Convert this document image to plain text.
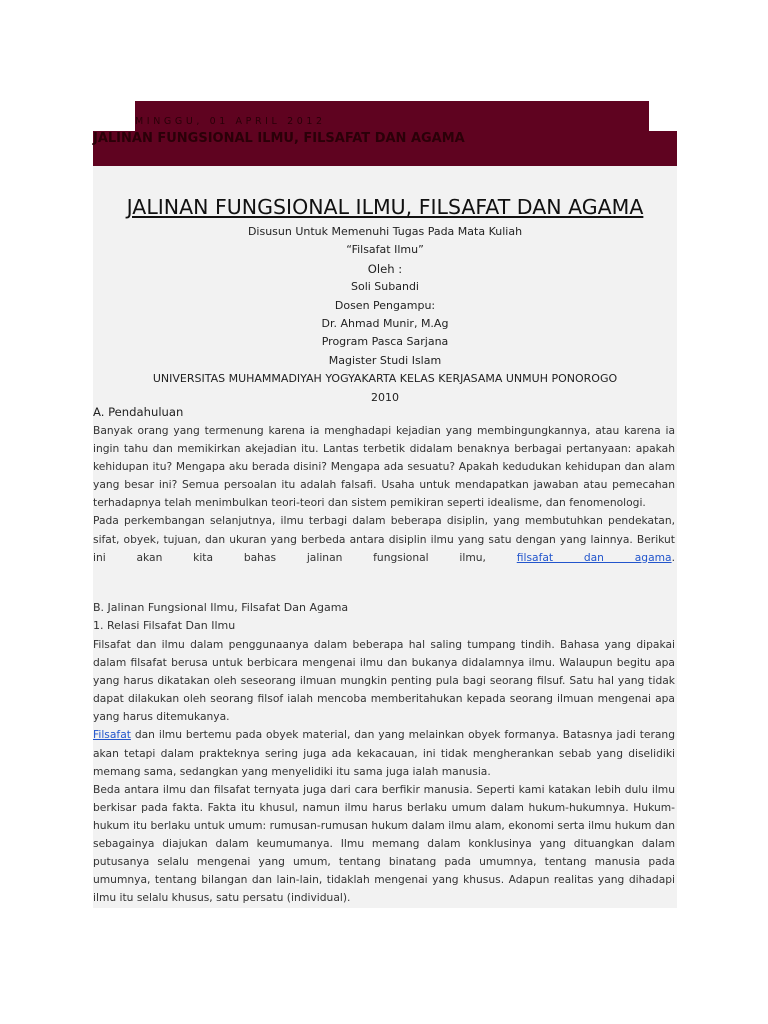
MINGGU, 01 APRIL 2012
JALINAN FUNGSIONAL ILMU, FILSAFAT DAN AGAMA
JALINAN FUNGSIONAL ILMU, FILSAFAT DAN AGAMA
Disusun Untuk Memenuhi Tugas Pada Mata Kuliah
“Filsafat Ilmu”
Oleh :
Soli Subandi
Dosen Pengampu:
Dr. Ahmad Munir, M.Ag
Program Pasca Sarjana
Magister Studi Islam
UNIVERSITAS MUHAMMADIYAH YOGYAKARTA KELAS KERJASAMA UNMUH PONOROGO
2010
A. Pendahuluan

Banyak orang yang termenung karena ia menghadapi kejadian yang membingungkannya, atau karena ia ingin tahu dan memikirkan akejadian itu. Lantas terbetik didalam benaknya berbagai pertanyaan: apakah kehidupan itu? Mengapa aku berada disini? Mengapa ada sesuatu? Apakah kedudukan kehidupan dan alam yang besar ini? Semua persoalan itu adalah falsafi. Usaha untuk mendapatkan jawaban atau pemecahan terhadapnya telah menimbulkan teori-teori dan sistem pemikiran seperti idealisme, dan fenomenologi.

Pada perkembangan selanjutnya, ilmu terbagi dalam beberapa disiplin, yang membutuhkan pendekatan, sifat, obyek, tujuan, dan ukuran yang berbeda antara disiplin ilmu yang satu dengan yang lainnya. Berikut ini akan kita bahas jalinan fungsional ilmu,	filsafat dan agama.

B. Jalinan Fungsional Ilmu, Filsafat Dan Agama
1. Relasi Filsafat Dan Ilmu

Filsafat dan ilmu dalam penggunaanya dalam beberapa hal saling tumpang tindih. Bahasa yang dipakai dalam filsafat berusa untuk berbicara mengenai ilmu dan bukanya didalamnya ilmu. Walaupun begitu apa yang harus dikatakan oleh seseorang ilmuan mungkin penting pula bagi seorang filsuf. Satu hal yang tidak dapat dilakukan oleh seorang filsof ialah mencoba memberitahukan kepada seorang ilmuan mengenai apa yang harus ditemukanya.

Filsafat dan ilmu bertemu pada obyek material, dan yang melainkan obyek formanya. Batasnya jadi terang akan tetapi dalam prakteknya sering juga ada kekacauan, ini tidak mengherankan sebab yang diselidiki memang sama, sedangkan yang menyelidiki itu sama juga ialah manusia.

Beda antara ilmu dan filsafat ternyata juga dari cara berfikir manusia. Seperti kami katakan lebih dulu ilmu berkisar pada fakta. Fakta itu khusul, namun ilmu harus berlaku umum dalam hukum-hukumnya. Hukum-hukum itu berlaku untuk umum: rumusan-rumusan hukum dalam ilmu alam, ekonomi serta ilmu hukum dan sebagainya diajukan dalam keumumanya. Ilmu memang dalam konklusinya yang dituangkan dalam putusanya selalu mengenai yang umum, tentang binatang pada umumnya, tentang manusia pada umumnya, tentang bilangan dan lain-lain, tidaklah mengenai yang khusus. Adapun realitas yang dihadapi ilmu itu selalu khusus, satu persatu (individual).
